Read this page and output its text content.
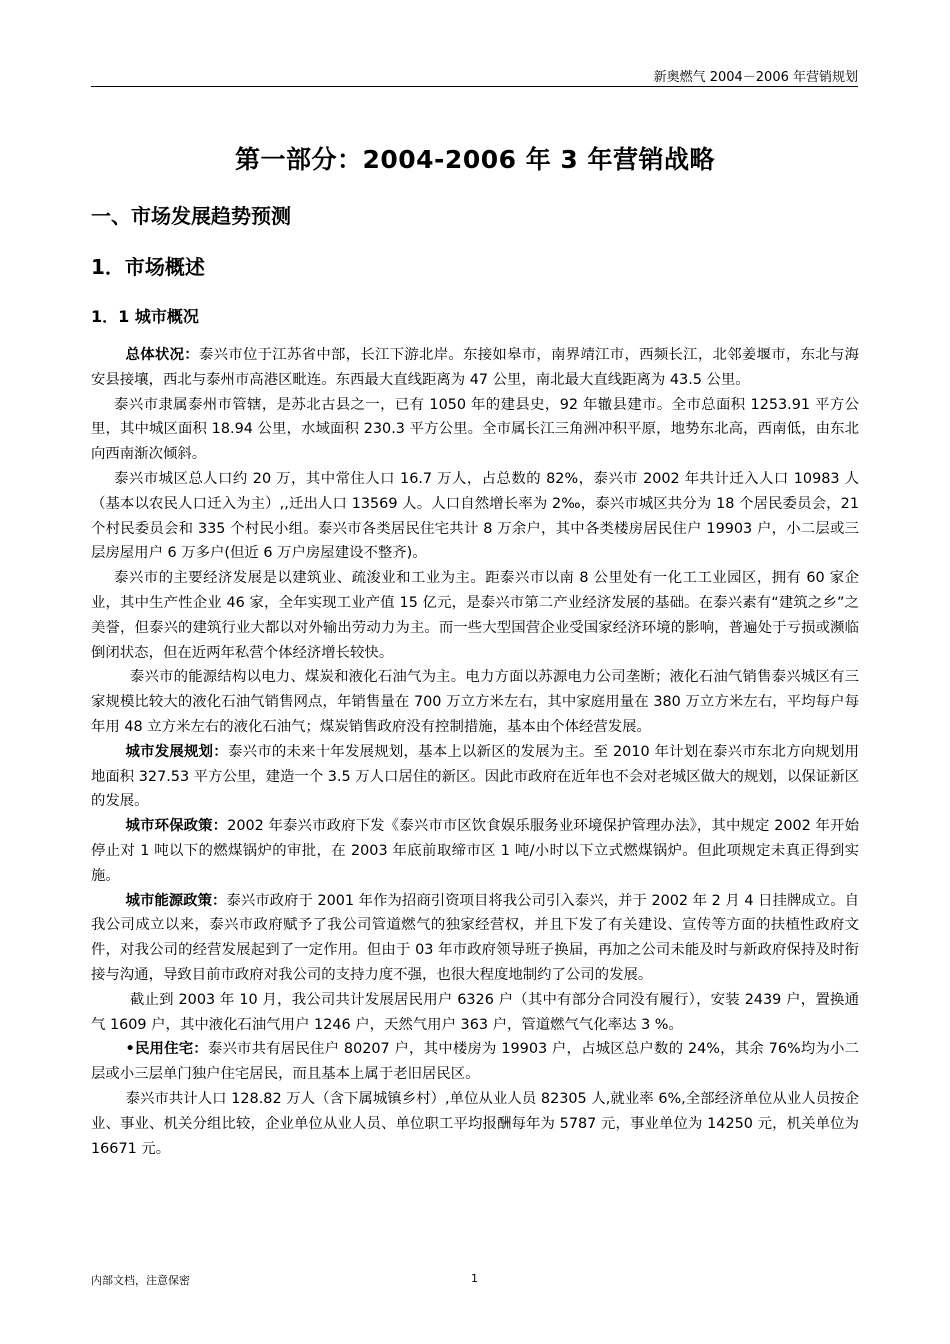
新奥燃气 2004－2006 年营销规划
第一部分：2004-2006 年 3 年营销战略
一、市场发展趋势预测
1．市场概述
1．1 城市概况

总体状况：泰兴市位于江苏省中部，长江下游北岸。东接如皋市，南界靖江市，西频长江，北邻姜堰市，东北与海安县接壤，西北与泰州市高港区毗连。东西最大直线距离为 47 公里，南北最大直线距离为 43.5 公里。

泰兴市隶属泰州市管辖，是苏北古县之一，已有 1050 年的建县史，92 年辙县建市。全市总面积 1253.91 平方公里，其中城区面积 18.94 公里，水域面积 230.3 平方公里。全市属长江三角洲冲积平原，地势东北高，西南低，由东北向西南渐次倾斜。

泰兴市城区总人口约 20 万，其中常住人口 16.7 万人，占总数的 82%，泰兴市 2002 年共计迁入人口 10983 人（基本以农民人口迁入为主）,,迁出人口 13569 人。人口自然增长率为 2‰，泰兴市城区共分为 18 个居民委员会，21 个村民委员会和 335 个村民小组。泰兴市各类居民住宅共计 8 万余户，其中各类楼房居民住户 19903 户，小二层或三层房屋用户 6 万多户(但近 6 万户房屋建设不整齐)。

泰兴市的主要经济发展是以建筑业、疏浚业和工业为主。距泰兴市以南 8 公里处有一化工工业园区，拥有 60 家企业，其中生产性企业 46 家，全年实现工业产值 15 亿元，是泰兴市第二产业经济发展的基础。在泰兴素有“建筑之乡”之美誉，但泰兴的建筑行业大都以对外输出劳动力为主。而一些大型国营企业受国家经济环境的影响，普遍处于亏损或濒临倒闭状态，但在近两年私营个体经济增长较快。

泰兴市的能源结构以电力、煤炭和液化石油气为主。电力方面以苏源电力公司垄断；液化石油气销售泰兴城区有三家规模比较大的液化石油气销售网点，年销售量在 700 万立方米左右，其中家庭用量在 380 万立方米左右，平均每户每年用 48 立方米左右的液化石油气；煤炭销售政府没有控制措施，基本由个体经营发展。

城市发展规划：泰兴市的未来十年发展规划，基本上以新区的发展为主。至 2010 年计划在泰兴市东北方向规划用地面积 327.53 平方公里，建造一个 3.5 万人口居住的新区。因此市政府在近年也不会对老城区做大的规划，以保证新区的发展。

城市环保政策：2002 年泰兴市政府下发《泰兴市市区饮食娱乐服务业环境保护管理办法》，其中规定 2002 年开始停止对 1 吨以下的燃煤锅炉的审批，在 2003 年底前取缔市区 1 吨/小时以下立式燃煤锅炉。但此项规定未真正得到实施。

城市能源政策：泰兴市政府于 2001 年作为招商引资项目将我公司引入泰兴，并于 2002 年 2 月 4 日挂牌成立。自我公司成立以来，泰兴市政府赋予了我公司管道燃气的独家经营权，并且下发了有关建设、宣传等方面的扶植性政府文件，对我公司的经营发展起到了一定作用。但由于 03 年市政府领导班子换届，再加之公司未能及时与新政府保持及时衔接与沟通，导致目前市政府对我公司的支持力度不强，也很大程度地制约了公司的发展。

截止到 2003 年 10 月，我公司共计发展居民用户 6326 户（其中有部分合同没有履行），安装 2439 户，置换通气 1609 户，其中液化石油气用户 1246 户，天然气用户 363 户，管道燃气气化率达 3 %。

•民用住宅：泰兴市共有居民住户 80207 户，其中楼房为 19903 户，占城区总户数的 24%，其余 76%均为小二层或小三层单门独户住宅居民，而且基本上属于老旧居民区。

泰兴市共计人口 128.82 万人（含下属城镇乡村）,单位从业人员 82305 人,就业率 6%,全部经济单位从业人员按企业、事业、机关分组比较，企业单位从业人员、单位职工平均报酬每年为 5787 元，事业单位为 14250 元，机关单位为 16671 元。

内部文档，注意保密	1
